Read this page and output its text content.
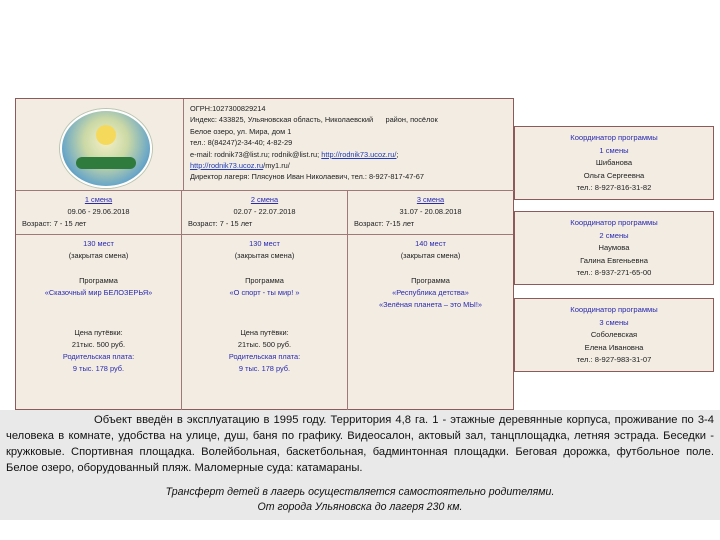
ОГРН:1027300829214
Индекс: 433825, Ульяновская область, Николаевский район, посёлок
Белое озеро, ул. Мира, дом 1
тел.: 8(84247)2-34-40; 4-82-29
e-mail: rodnik73@list.ru; rodnik@list.ru; http://rodnik73.ucoz.ru/;
http://rodnik73.ucoz.ru/my1.ru/
Директор лагеря: Плясунов Иван Николаевич, тел.: 8-927-817-47-67
1 смена
09.06 - 29.06.2018
Возраст: 7 - 15 лет
130 мест
(закрытая смена)
Программа
«Сказочный мир БЕЛОЗЕРЬЯ»
Цена путёвки:
21тыс. 500 руб.
Родительская плата:
9 тыс. 178 руб.
2 смена
02.07 - 22.07.2018
Возраст: 7 - 15 лет
130 мест
(закрытая смена)
Программа
«О спорт - ты мир! »
Цена путёвки:
21тыс. 500 руб.
Родительская плата:
9 тыс. 178 руб.
3 смена
31.07 - 20.08.2018
Возраст: 7-15 лет
140 мест
(закрытая смена)
Программа
«Республика детства»
«Зелёная планета – это МЫ!»
Координатор программы
1 смены
Шибанова
Ольга Сергеевна
тел.: 8-927-816-31-82
Координатор программы
2 смены
Наумова
Галина Евгеньевна
тел.: 8-937-271-65-00
Координатор программы
3 смены
Соболевская
Елена Ивановна
тел.: 8-927-983-31-07
Объект введён в эксплуатацию в 1995 году. Территория 4,8 га. 1 - этажные деревянные корпуса, проживание по 3-4 человека в комнате, удобства на улице, душ, баня по графику. Видеосалон, актовый зал, танцплощадка, летняя эстрада. Беседки - кружковые. Спортивная площадка. Волейбольная, баскетбольная, бадминтонная площадки. Беговая дорожка, футбольное поле. Белое озеро, оборудованный пляж. Маломерные суда: катамараны.
Трансферт детей в лагерь осуществляется самостоятельно родителями.
От города Ульяновска до лагеря 230 км.
